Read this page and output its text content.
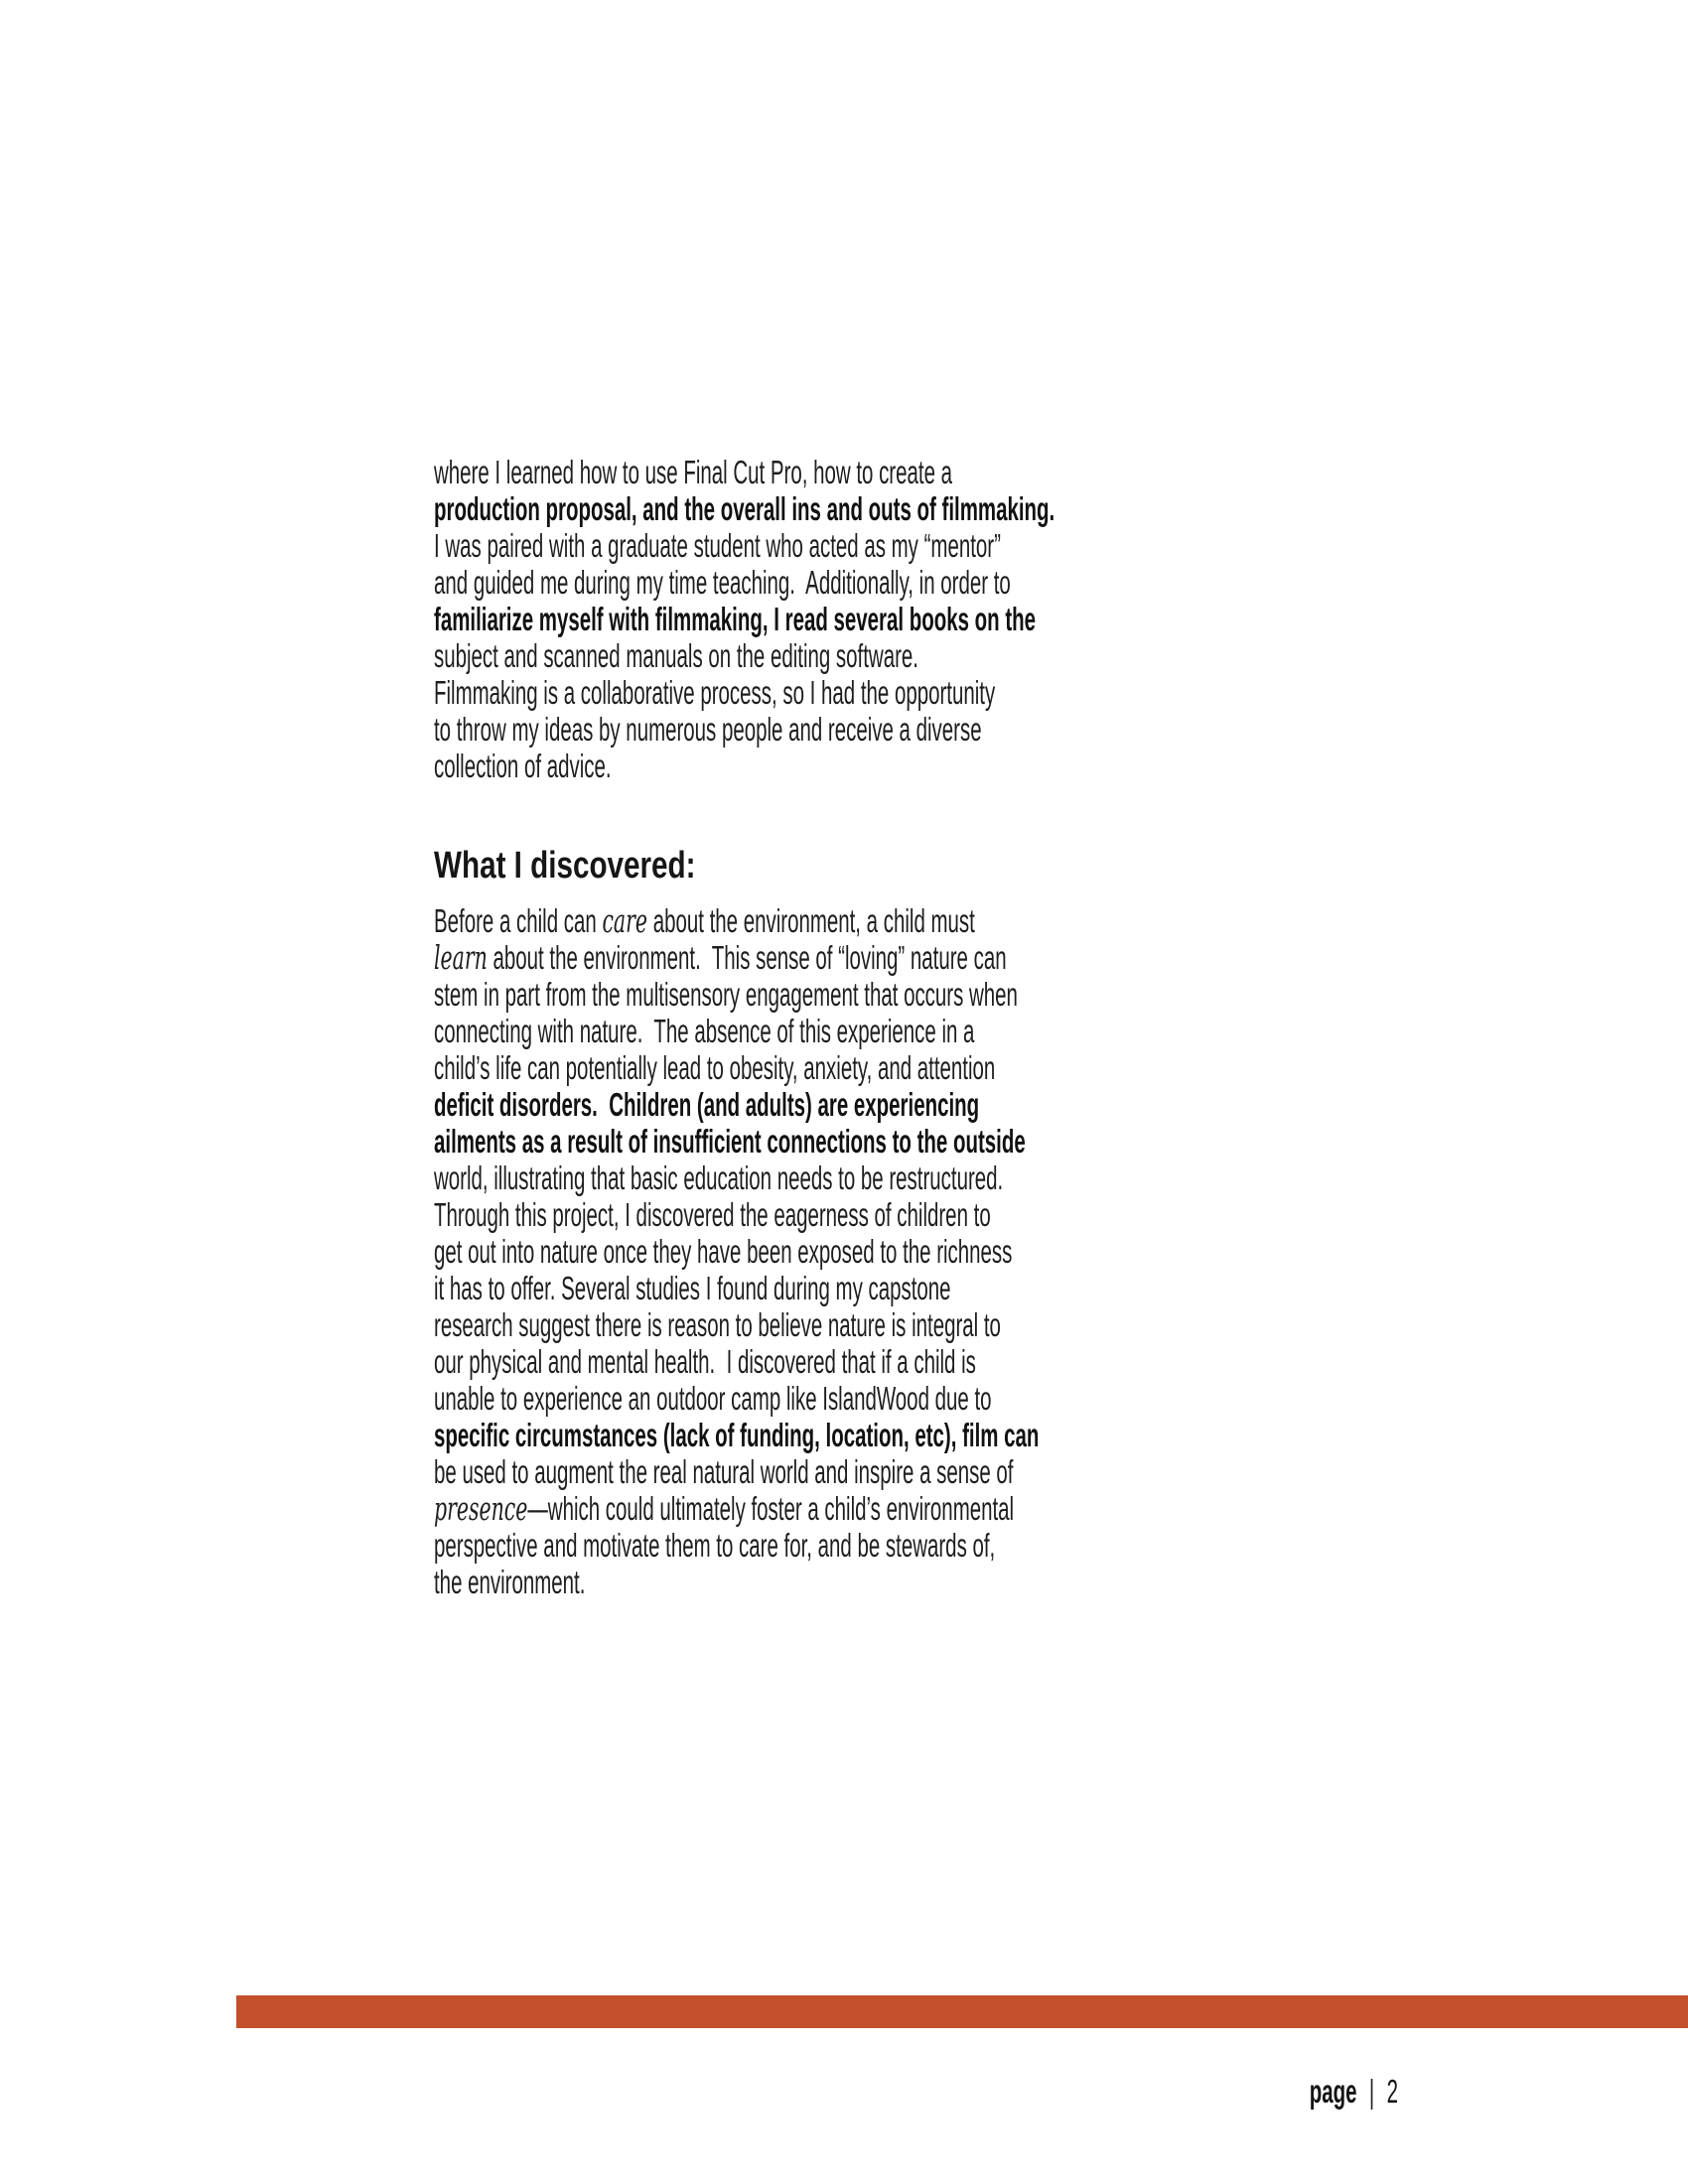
where I learned how to use Final Cut Pro, how to create a
production proposal, and the overall ins and outs of filmmaking.
I was paired with a graduate student who acted as my “mentor”
and guided me during my time teaching.  Additionally, in order to
familiarize myself with filmmaking, I read several books on the
subject and scanned manuals on the editing software.
Filmmaking is a collaborative process, so I had the opportunity
to throw my ideas by numerous people and receive a diverse
collection of advice.
What I discovered:
Before a child can care about the environment, a child must
learn about the environment.  This sense of “loving” nature can
stem in part from the multisensory engagement that occurs when
connecting with nature.  The absence of this experience in a
child’s life can potentially lead to obesity, anxiety, and attention
deficit disorders.  Children (and adults) are experiencing
ailments as a result of insufficient connections to the outside
world, illustrating that basic education needs to be restructured.
Through this project, I discovered the eagerness of children to
get out into nature once they have been exposed to the richness
it has to offer. Several studies I found during my capstone
research suggest there is reason to believe nature is integral to
our physical and mental health.  I discovered that if a child is
unable to experience an outdoor camp like IslandWood due to
specific circumstances (lack of funding, location, etc), film can
be used to augment the real natural world and inspire a sense of
presence—which could ultimately foster a child’s environmental
perspective and motivate them to care for, and be stewards of,
the environment.

page | 2
